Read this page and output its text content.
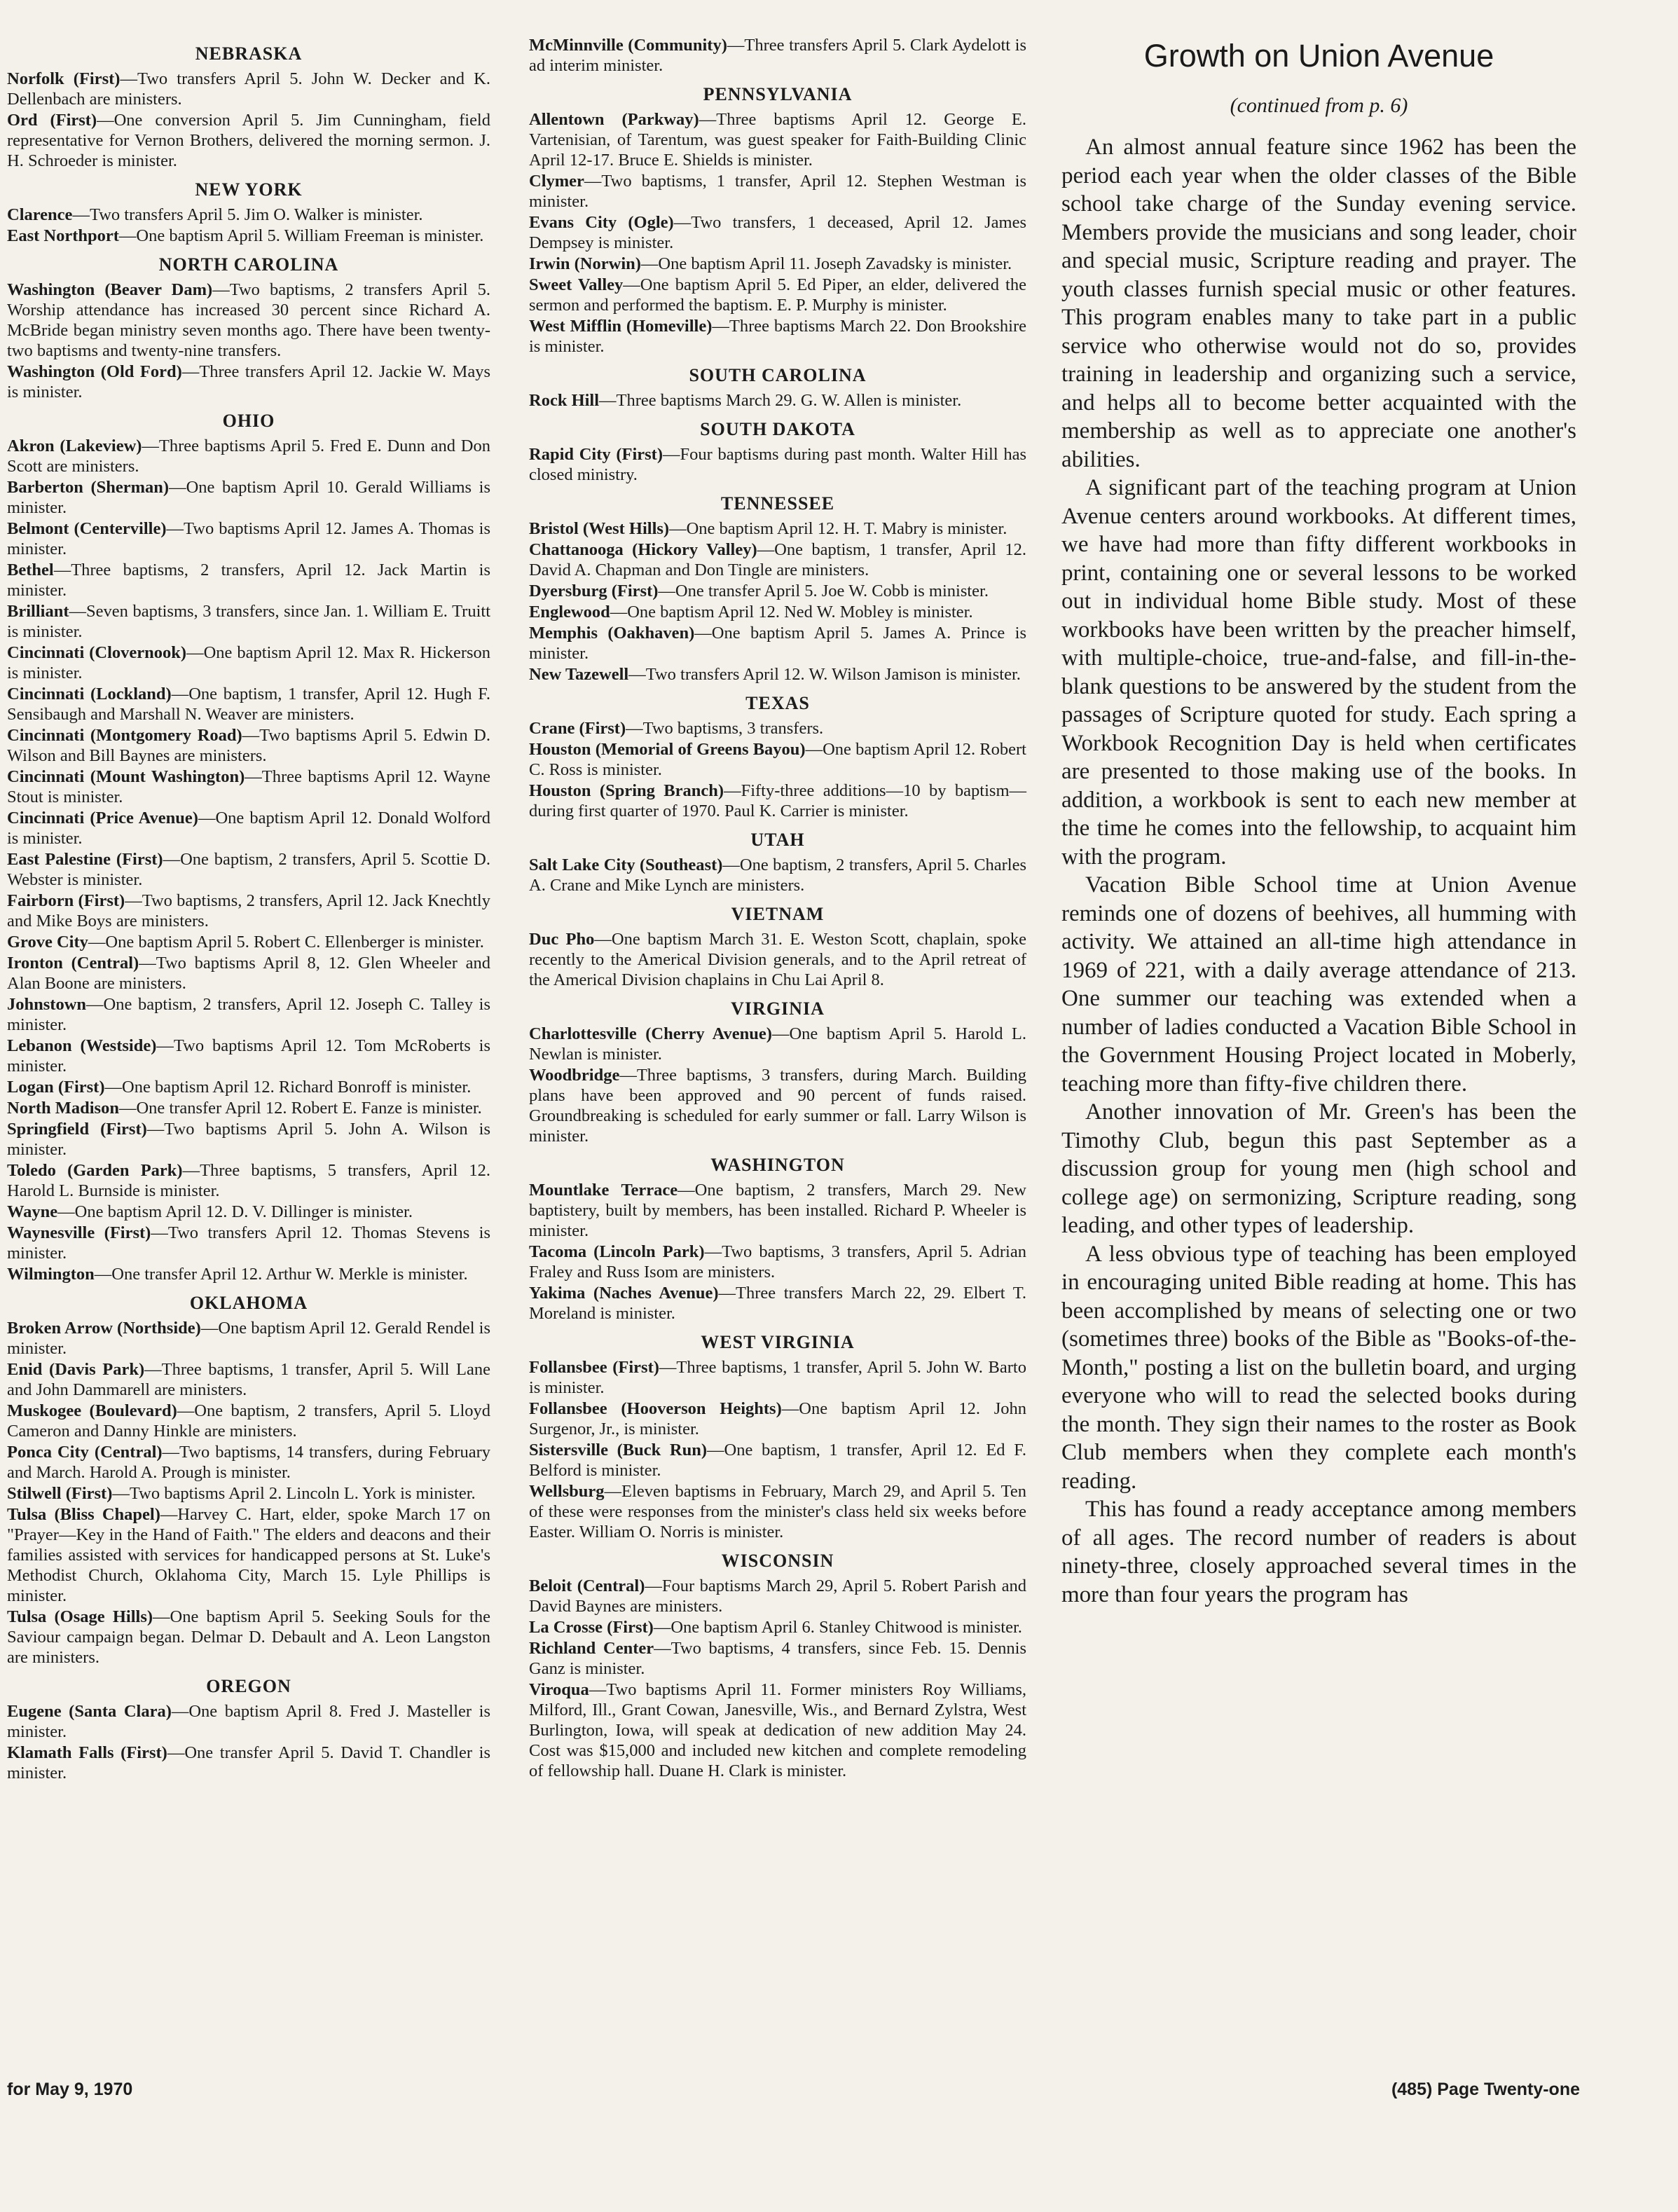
NEBRASKA

Norfolk (First)—Two transfers April 5. John W. Decker and K. Dellenbach are ministers.

Ord (First)—One conversion April 5. Jim Cunningham, field representative for Vernon Brothers, delivered the morning sermon. J. H. Schroeder is minister.

NEW YORK

Clarence—Two transfers April 5. Jim O. Walker is minister.

East Northport—One baptism April 5. William Freeman is minister.

NORTH CAROLINA

Washington (Beaver Dam)—Two baptisms, 2 transfers April 5. Worship attendance has increased 30 percent since Richard A. McBride began ministry seven months ago. There have been twenty-two baptisms and twenty-nine transfers.

Washington (Old Ford)—Three transfers April 12. Jackie W. Mays is minister.

OHIO

Akron (Lakeview)—Three baptisms April 5. Fred E. Dunn and Don Scott are ministers.

Barberton (Sherman)—One baptism April 10. Gerald Williams is minister.

Belmont (Centerville)—Two baptisms April 12. James A. Thomas is minister.

Bethel—Three baptisms, 2 transfers, April 12. Jack Martin is minister.

Brilliant—Seven baptisms, 3 transfers, since Jan. 1. William E. Truitt is minister.

Cincinnati (Clovernook)—One baptism April 12. Max R. Hickerson is minister.

Cincinnati (Lockland)—One baptism, 1 transfer, April 12. Hugh F. Sensibaugh and Marshall N. Weaver are ministers.

Cincinnati (Montgomery Road)—Two baptisms April 5. Edwin D. Wilson and Bill Baynes are ministers.

Cincinnati (Mount Washington)—Three baptisms April 12. Wayne Stout is minister.

Cincinnati (Price Avenue)—One baptism April 12. Donald Wolford is minister.

East Palestine (First)—One baptism, 2 transfers, April 5. Scottie D. Webster is minister.

Fairborn (First)—Two baptisms, 2 transfers, April 12. Jack Knechtly and Mike Boys are ministers.

Grove City—One baptism April 5. Robert C. Ellenberger is minister.

Ironton (Central)—Two baptisms April 8, 12. Glen Wheeler and Alan Boone are ministers.

Johnstown—One baptism, 2 transfers, April 12. Joseph C. Talley is minister.

Lebanon (Westside)—Two baptisms April 12. Tom McRoberts is minister.

Logan (First)—One baptism April 12. Richard Bonroff is minister.

North Madison—One transfer April 12. Robert E. Fanze is minister.

Springfield (First)—Two baptisms April 5. John A. Wilson is minister.

Toledo (Garden Park)—Three baptisms, 5 transfers, April 12. Harold L. Burnside is minister.

Wayne—One baptism April 12. D. V. Dillinger is minister.

Waynesville (First)—Two transfers April 12. Thomas Stevens is minister.

Wilmington—One transfer April 12. Arthur W. Merkle is minister.

OKLAHOMA

Broken Arrow (Northside)—One baptism April 12. Gerald Rendel is minister.

Enid (Davis Park)—Three baptisms, 1 transfer, April 5. Will Lane and John Dammarell are ministers.

Muskogee (Boulevard)—One baptism, 2 transfers, April 5. Lloyd Cameron and Danny Hinkle are ministers.

Ponca City (Central)—Two baptisms, 14 transfers, during February and March. Harold A. Prough is minister.

Stilwell (First)—Two baptisms April 2. Lincoln L. York is minister.

Tulsa (Bliss Chapel)—Harvey C. Hart, elder, spoke March 17 on "Prayer—Key in the Hand of Faith." The elders and deacons and their families assisted with services for handicapped persons at St. Luke's Methodist Church, Oklahoma City, March 15. Lyle Phillips is minister.

Tulsa (Osage Hills)—One baptism April 5. Seeking Souls for the Saviour campaign began. Delmar D. Debault and A. Leon Langston are ministers.

OREGON

Eugene (Santa Clara)—One baptism April 8. Fred J. Masteller is minister.

Klamath Falls (First)—One transfer April 5. David T. Chandler is minister.

McMinnville (Community)—Three transfers April 5. Clark Aydelott is ad interim minister.

PENNSYLVANIA

Allentown (Parkway)—Three baptisms April 12. George E. Vartenisian, of Tarentum, was guest speaker for Faith-Building Clinic April 12-17. Bruce E. Shields is minister.

Clymer—Two baptisms, 1 transfer, April 12. Stephen Westman is minister.

Evans City (Ogle)—Two transfers, 1 deceased, April 12. James Dempsey is minister.

Irwin (Norwin)—One baptism April 11. Joseph Zavadsky is minister.

Sweet Valley—One baptism April 5. Ed Piper, an elder, delivered the sermon and performed the baptism. E. P. Murphy is minister.

West Mifflin (Homeville)—Three baptisms March 22. Don Brookshire is minister.

SOUTH CAROLINA

Rock Hill—Three baptisms March 29. G. W. Allen is minister.

SOUTH DAKOTA

Rapid City (First)—Four baptisms during past month. Walter Hill has closed ministry.

TENNESSEE

Bristol (West Hills)—One baptism April 12. H. T. Mabry is minister.

Chattanooga (Hickory Valley)—One baptism, 1 transfer, April 12. David A. Chapman and Don Tingle are ministers.

Dyersburg (First)—One transfer April 5. Joe W. Cobb is minister.

Englewood—One baptism April 12. Ned W. Mobley is minister.

Memphis (Oakhaven)—One baptism April 5. James A. Prince is minister.

New Tazewell—Two transfers April 12. W. Wilson Jamison is minister.

TEXAS

Crane (First)—Two baptisms, 3 transfers.

Houston (Memorial of Greens Bayou)—One baptism April 12. Robert C. Ross is minister.

Houston (Spring Branch)—Fifty-three additions—10 by baptism—during first quarter of 1970. Paul K. Carrier is minister.

UTAH

Salt Lake City (Southeast)—One baptism, 2 transfers, April 5. Charles A. Crane and Mike Lynch are ministers.

VIETNAM

Duc Pho—One baptism March 31. E. Weston Scott, chaplain, spoke recently to the Americal Division generals, and to the April retreat of the Americal Division chaplains in Chu Lai April 8.

VIRGINIA

Charlottesville (Cherry Avenue)—One baptism April 5. Harold L. Newlan is minister.

Woodbridge—Three baptisms, 3 transfers, during March. Building plans have been approved and 90 percent of funds raised. Groundbreaking is scheduled for early summer or fall. Larry Wilson is minister.

WASHINGTON

Mountlake Terrace—One baptism, 2 transfers, March 29. New baptistery, built by members, has been installed. Richard P. Wheeler is minister.

Tacoma (Lincoln Park)—Two baptisms, 3 transfers, April 5. Adrian Fraley and Russ Isom are ministers.

Yakima (Naches Avenue)—Three transfers March 22, 29. Elbert T. Moreland is minister.

WEST VIRGINIA

Follansbee (First)—Three baptisms, 1 transfer, April 5. John W. Barto is minister.

Follansbee (Hooverson Heights)—One baptism April 12. John Surgenor, Jr., is minister.

Sistersville (Buck Run)—One baptism, 1 transfer, April 12. Ed F. Belford is minister.

Wellsburg—Eleven baptisms in February, March 29, and April 5. Ten of these were responses from the minister's class held six weeks before Easter. William O. Norris is minister.

WISCONSIN

Beloit (Central)—Four baptisms March 29, April 5. Robert Parish and David Baynes are ministers.

La Crosse (First)—One baptism April 6. Stanley Chitwood is minister.

Richland Center—Two baptisms, 4 transfers, since Feb. 15. Dennis Ganz is minister.

Viroqua—Two baptisms April 11. Former ministers Roy Williams, Milford, Ill., Grant Cowan, Janesville, Wis., and Bernard Zylstra, West Burlington, Iowa, will speak at dedication of new addition May 24. Cost was $15,000 and included new kitchen and complete remodeling of fellowship hall. Duane H. Clark is minister.

Growth on Union Avenue
(continued from p. 6)

An almost annual feature since 1962 has been the period each year when the older classes of the Bible school take charge of the Sunday evening service. Members provide the musicians and song leader, choir and special music, Scripture reading and prayer. The youth classes furnish special music or other features. This program enables many to take part in a public service who otherwise would not do so, provides training in leadership and organizing such a service, and helps all to become better acquainted with the membership as well as to appreciate one another's abilities.

A significant part of the teaching program at Union Avenue centers around workbooks. At different times, we have had more than fifty different workbooks in print, containing one or several lessons to be worked out in individual home Bible study. Most of these workbooks have been written by the preacher himself, with multiple-choice, true-and-false, and fill-in-the-blank questions to be answered by the student from the passages of Scripture quoted for study. Each spring a Workbook Recognition Day is held when certificates are presented to those making use of the books. In addition, a workbook is sent to each new member at the time he comes into the fellowship, to acquaint him with the program.

Vacation Bible School time at Union Avenue reminds one of dozens of beehives, all humming with activity. We attained an all-time high attendance in 1969 of 221, with a daily average attendance of 213. One summer our teaching was extended when a number of ladies conducted a Vacation Bible School in the Government Housing Project located in Moberly, teaching more than fifty-five children there.

Another innovation of Mr. Green's has been the Timothy Club, begun this past September as a discussion group for young men (high school and college age) on sermonizing, Scripture reading, song leading, and other types of leadership.

A less obvious type of teaching has been employed in encouraging united Bible reading at home. This has been accomplished by means of selecting one or two (sometimes three) books of the Bible as "Books-of-the-Month," posting a list on the bulletin board, and urging everyone who will to read the selected books during the month. They sign their names to the roster as Book Club members when they complete each month's reading.

This has found a ready acceptance among members of all ages. The record number of readers is about ninety-three, closely approached several times in the more than four years the program has

for May 9, 1970	(485) Page Twenty-one
